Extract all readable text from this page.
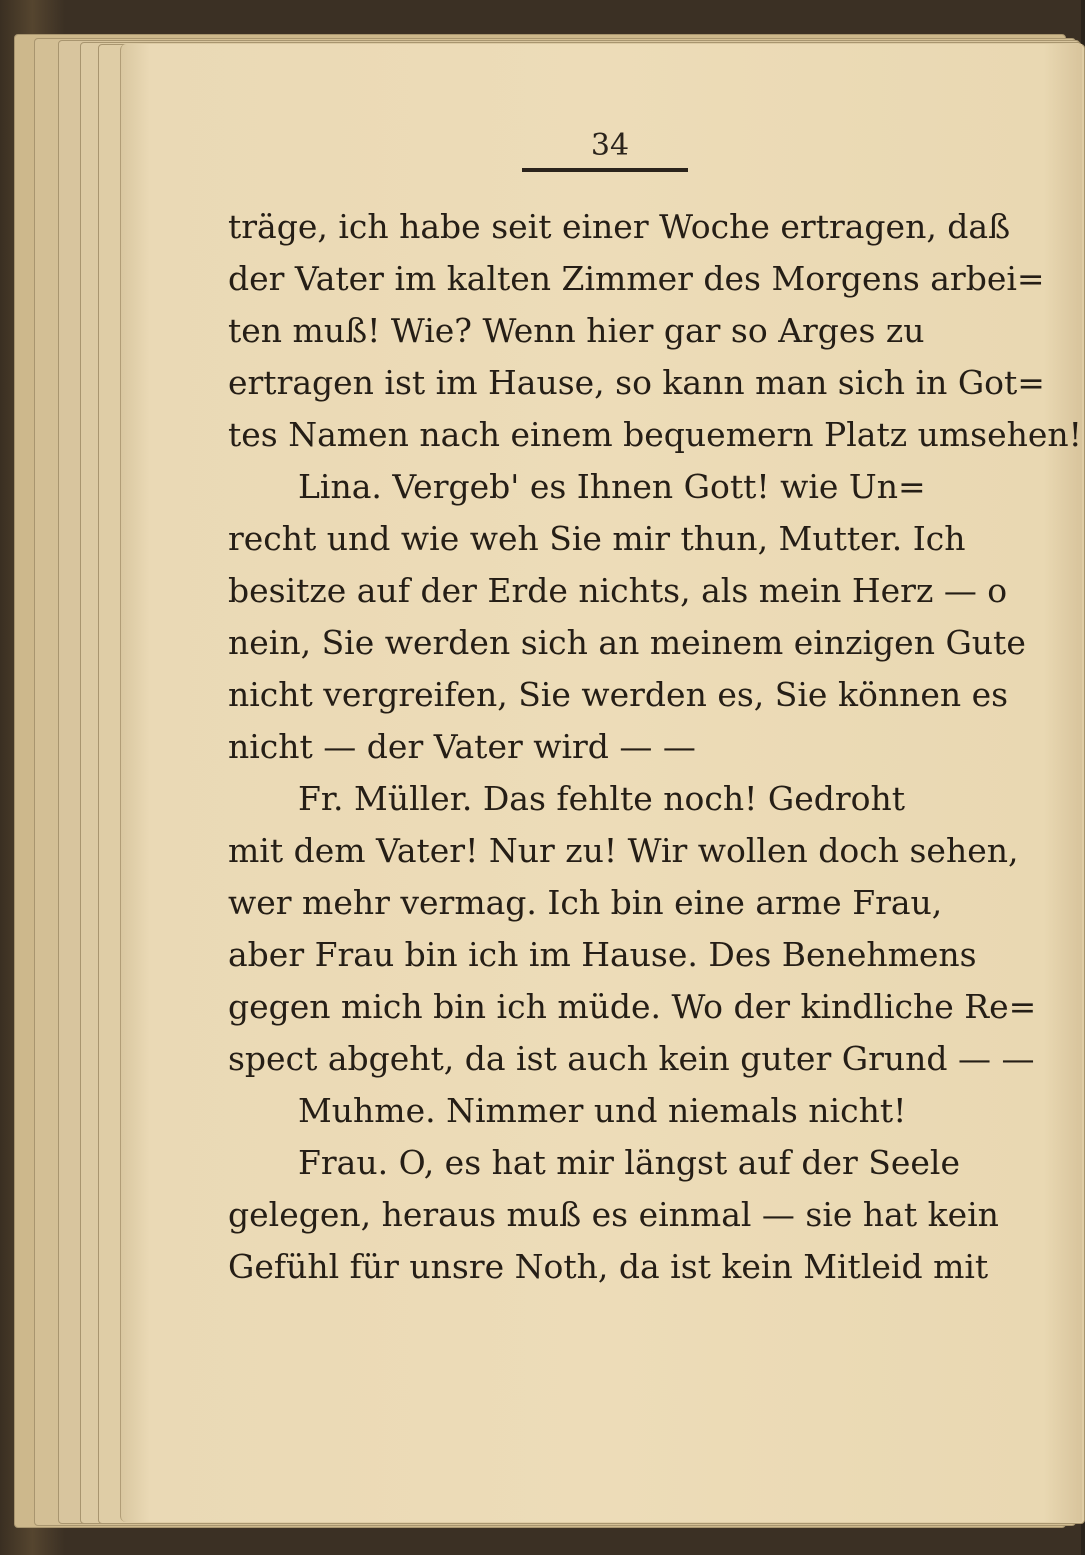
34
träge, ich habe seit einer Woche ertragen, daß
der Vater im kalten Zimmer des Morgens arbei=
ten muß! Wie? Wenn hier gar so Arges zu
ertragen ist im Hause, so kann man sich in Got=
tes Namen nach einem bequemern Platz umsehen!
Lina. Vergeb' es Ihnen Gott! wie Un=
recht und wie weh Sie mir thun, Mutter. Ich
besitze auf der Erde nichts, als mein Herz — o
nein, Sie werden sich an meinem einzigen Gute
nicht vergreifen, Sie werden es, Sie können es
nicht — der Vater wird — —
Fr. Müller. Das fehlte noch! Gedroht
mit dem Vater! Nur zu! Wir wollen doch sehen,
wer mehr vermag. Ich bin eine arme Frau,
aber Frau bin ich im Hause. Des Benehmens
gegen mich bin ich müde. Wo der kindliche Re=
spect abgeht, da ist auch kein guter Grund — —
Muhme. Nimmer und niemals nicht!
Frau. O, es hat mir längst auf der Seele
gelegen, heraus muß es einmal — sie hat kein
Gefühl für unsre Noth, da ist kein Mitleid mit
